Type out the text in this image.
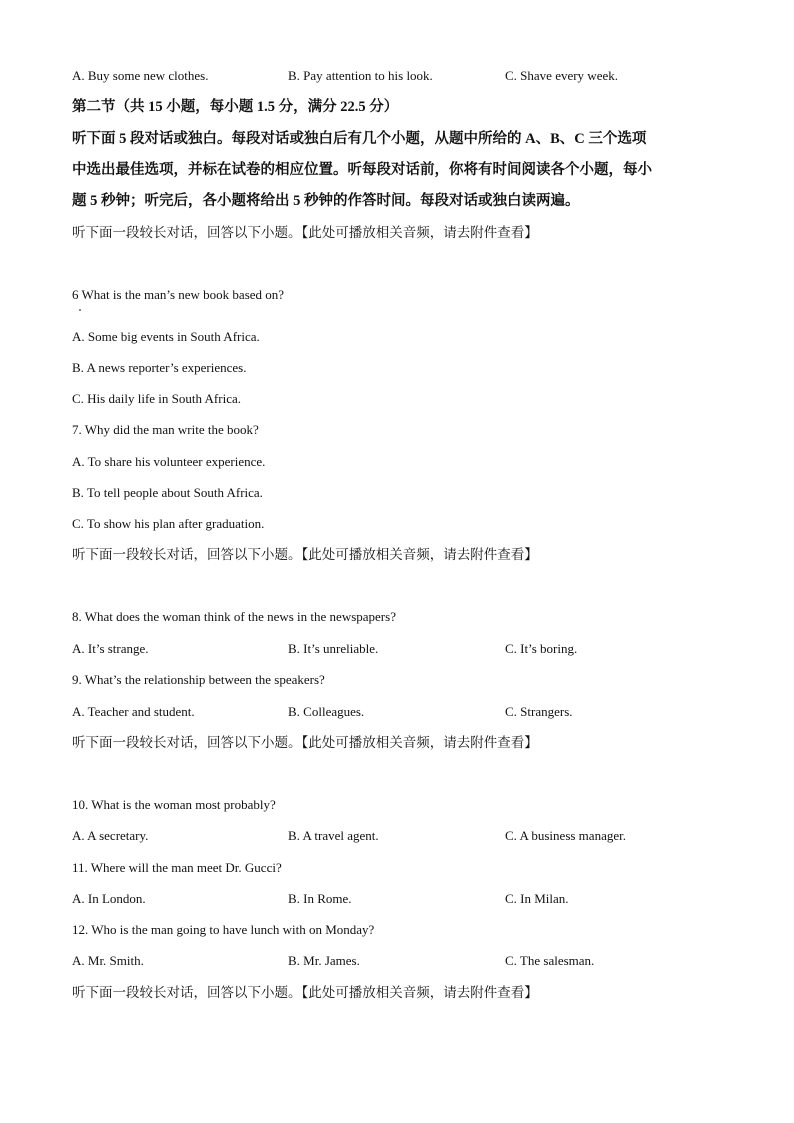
A. Buy some new clothes.	B. Pay attention to his look.	C. Shave every week.
第二节（共 15 小题，每小题 1.5 分，满分 22.5 分）
听下面 5 段对话或独白。每段对话或独白后有几个小题，从题中所给的 A、B、C 三个选项
中选出最佳选项，并标在试卷的相应位置。听每段对话前，你将有时间阅读各个小题，每小
题 5 秒钟；听完后，各小题将给出 5 秒钟的作答时间。每段对话或独白读两遍。
听下面一段较长对话，回答以下小题。【此处可播放相关音频，请去附件查看】
6 What is the man’s new book based on?
A. Some big events in South Africa.
B. A news reporter’s experiences.
C. His daily life in South Africa.
7. Why did the man write the book?
A. To share his volunteer experience.
B. To tell people about South Africa.
C. To show his plan after graduation.
听下面一段较长对话，回答以下小题。【此处可播放相关音频，请去附件查看】
8. What does the woman think of the news in the newspapers?
A. It’s strange.	B. It’s unreliable.	C. It’s boring.
9. What’s the relationship between the speakers?
A. Teacher and student.	B. Colleagues.	C. Strangers.
听下面一段较长对话，回答以下小题。【此处可播放相关音频，请去附件查看】
10. What is the woman most probably?
A. A secretary.	B. A travel agent.	C. A business manager.
11. Where will the man meet Dr. Gucci?
A. In London.	B. In Rome.	C. In Milan.
12. Who is the man going to have lunch with on Monday?
A. Mr. Smith.	B. Mr. James.	C. The salesman.
听下面一段较长对话，回答以下小题。【此处可播放相关音频，请去附件查看】
